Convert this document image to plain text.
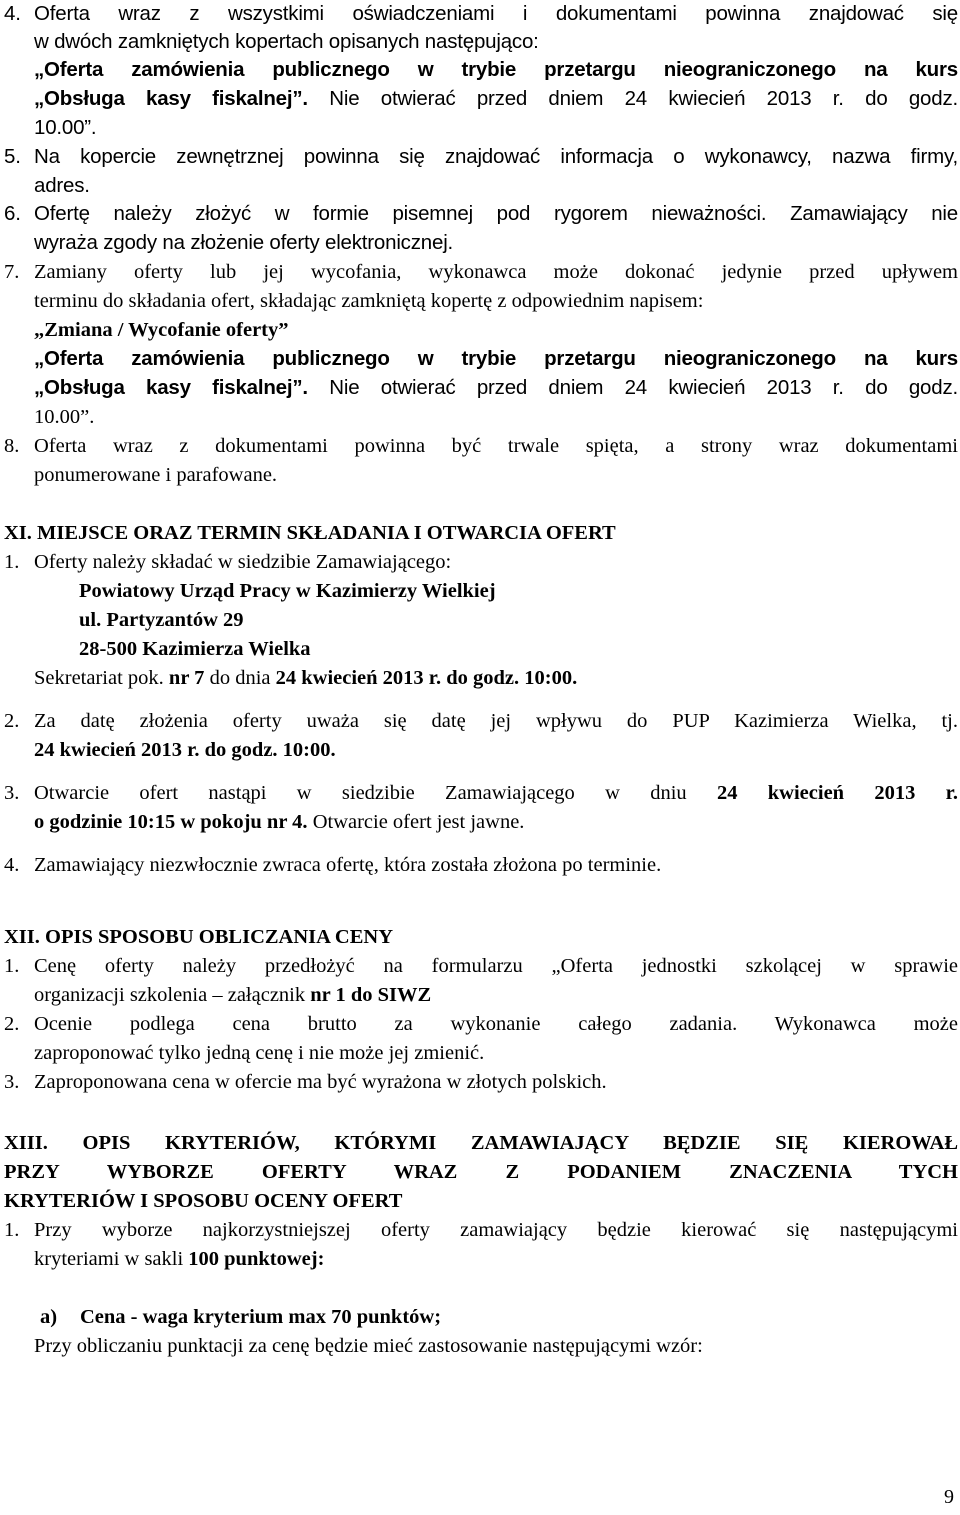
4. Oferta wraz z wszystkimi oświadczeniami i dokumentami powinna znajdować się
w dwóch zamkniętych kopertach opisanych następująco:
„Oferta zamówienia publicznego w trybie przetargu nieograniczonego na kurs
„Obsługa kasy fiskalnej”. Nie otwierać przed dniem 24 kwiecień 2013 r. do godz.
10.00”.
5. Na kopercie zewnętrznej powinna się znajdować informacja o wykonawcy, nazwa firmy,
adres.
6. Ofertę należy złożyć w formie pisemnej pod rygorem nieważności. Zamawiający nie
wyraża zgody na złożenie oferty elektronicznej.
7. Zamiany oferty lub jej wycofania, wykonawca może dokonać jedynie przed upływem
terminu do składania ofert, składając zamkniętą kopertę z odpowiednim napisem:
„Zmiana / Wycofanie oferty”
„Oferta zamówienia publicznego w trybie przetargu nieograniczonego na kurs
„Obsługa kasy fiskalnej”. Nie otwierać przed dniem 24 kwiecień 2013 r. do godz.
10.00”.
8. Oferta wraz z dokumentami powinna być trwale spięta, a strony wraz dokumentami
ponumerowane i parafowane.
XI. MIEJSCE ORAZ TERMIN SKŁADANIA I OTWARCIA OFERT
1. Oferty należy składać w siedzibie Zamawiającego:
Powiatowy Urząd Pracy w Kazimierzy Wielkiej
ul. Partyzantów 29
28-500 Kazimierza Wielka
Sekretariat pok. nr 7 do dnia 24 kwiecień 2013 r. do godz. 10:00.
2. Za datę złożenia oferty uważa się datę jej wpływu do PUP Kazimierza Wielka, tj.
24 kwiecień 2013 r. do godz. 10:00.
3. Otwarcie ofert nastąpi w siedzibie Zamawiającego w dniu 24 kwiecień 2013 r.
o godzinie 10:15 w pokoju nr 4. Otwarcie ofert jest jawne.
4. Zamawiający niezwłocznie zwraca ofertę, która została złożona po terminie.
XII. OPIS SPOSOBU OBLICZANIA CENY
1. Cenę oferty należy przedłożyć na formularzu „Oferta jednostki szkolącej w sprawie
organizacji szkolenia – załącznik nr 1 do SIWZ
2. Ocenie podlega cena brutto za wykonanie całego zadania. Wykonawca może
zaproponować tylko jedną cenę i nie może jej zmienić.
3. Zaproponowana cena w ofercie ma być wyrażona w złotych polskich.
XIII. OPIS KRYTERIÓW, KTÓRYMI ZAMAWIAJĄCY BĘDZIE SIĘ KIEROWAŁ
PRZY WYBORZE OFERTY WRAZ Z PODANIEM ZNACZENIA TYCH
KRYTERIÓW I SPOSOBU OCENY OFERT
1. Przy wyborze najkorzystniejszej oferty zamawiający będzie kierować się następującymi
kryteriami w sakli 100 punktowej:
a) Cena - waga kryterium max 70 punktów;
Przy obliczaniu punktacji za cenę będzie mieć zastosowanie następującymi wzór:
9
